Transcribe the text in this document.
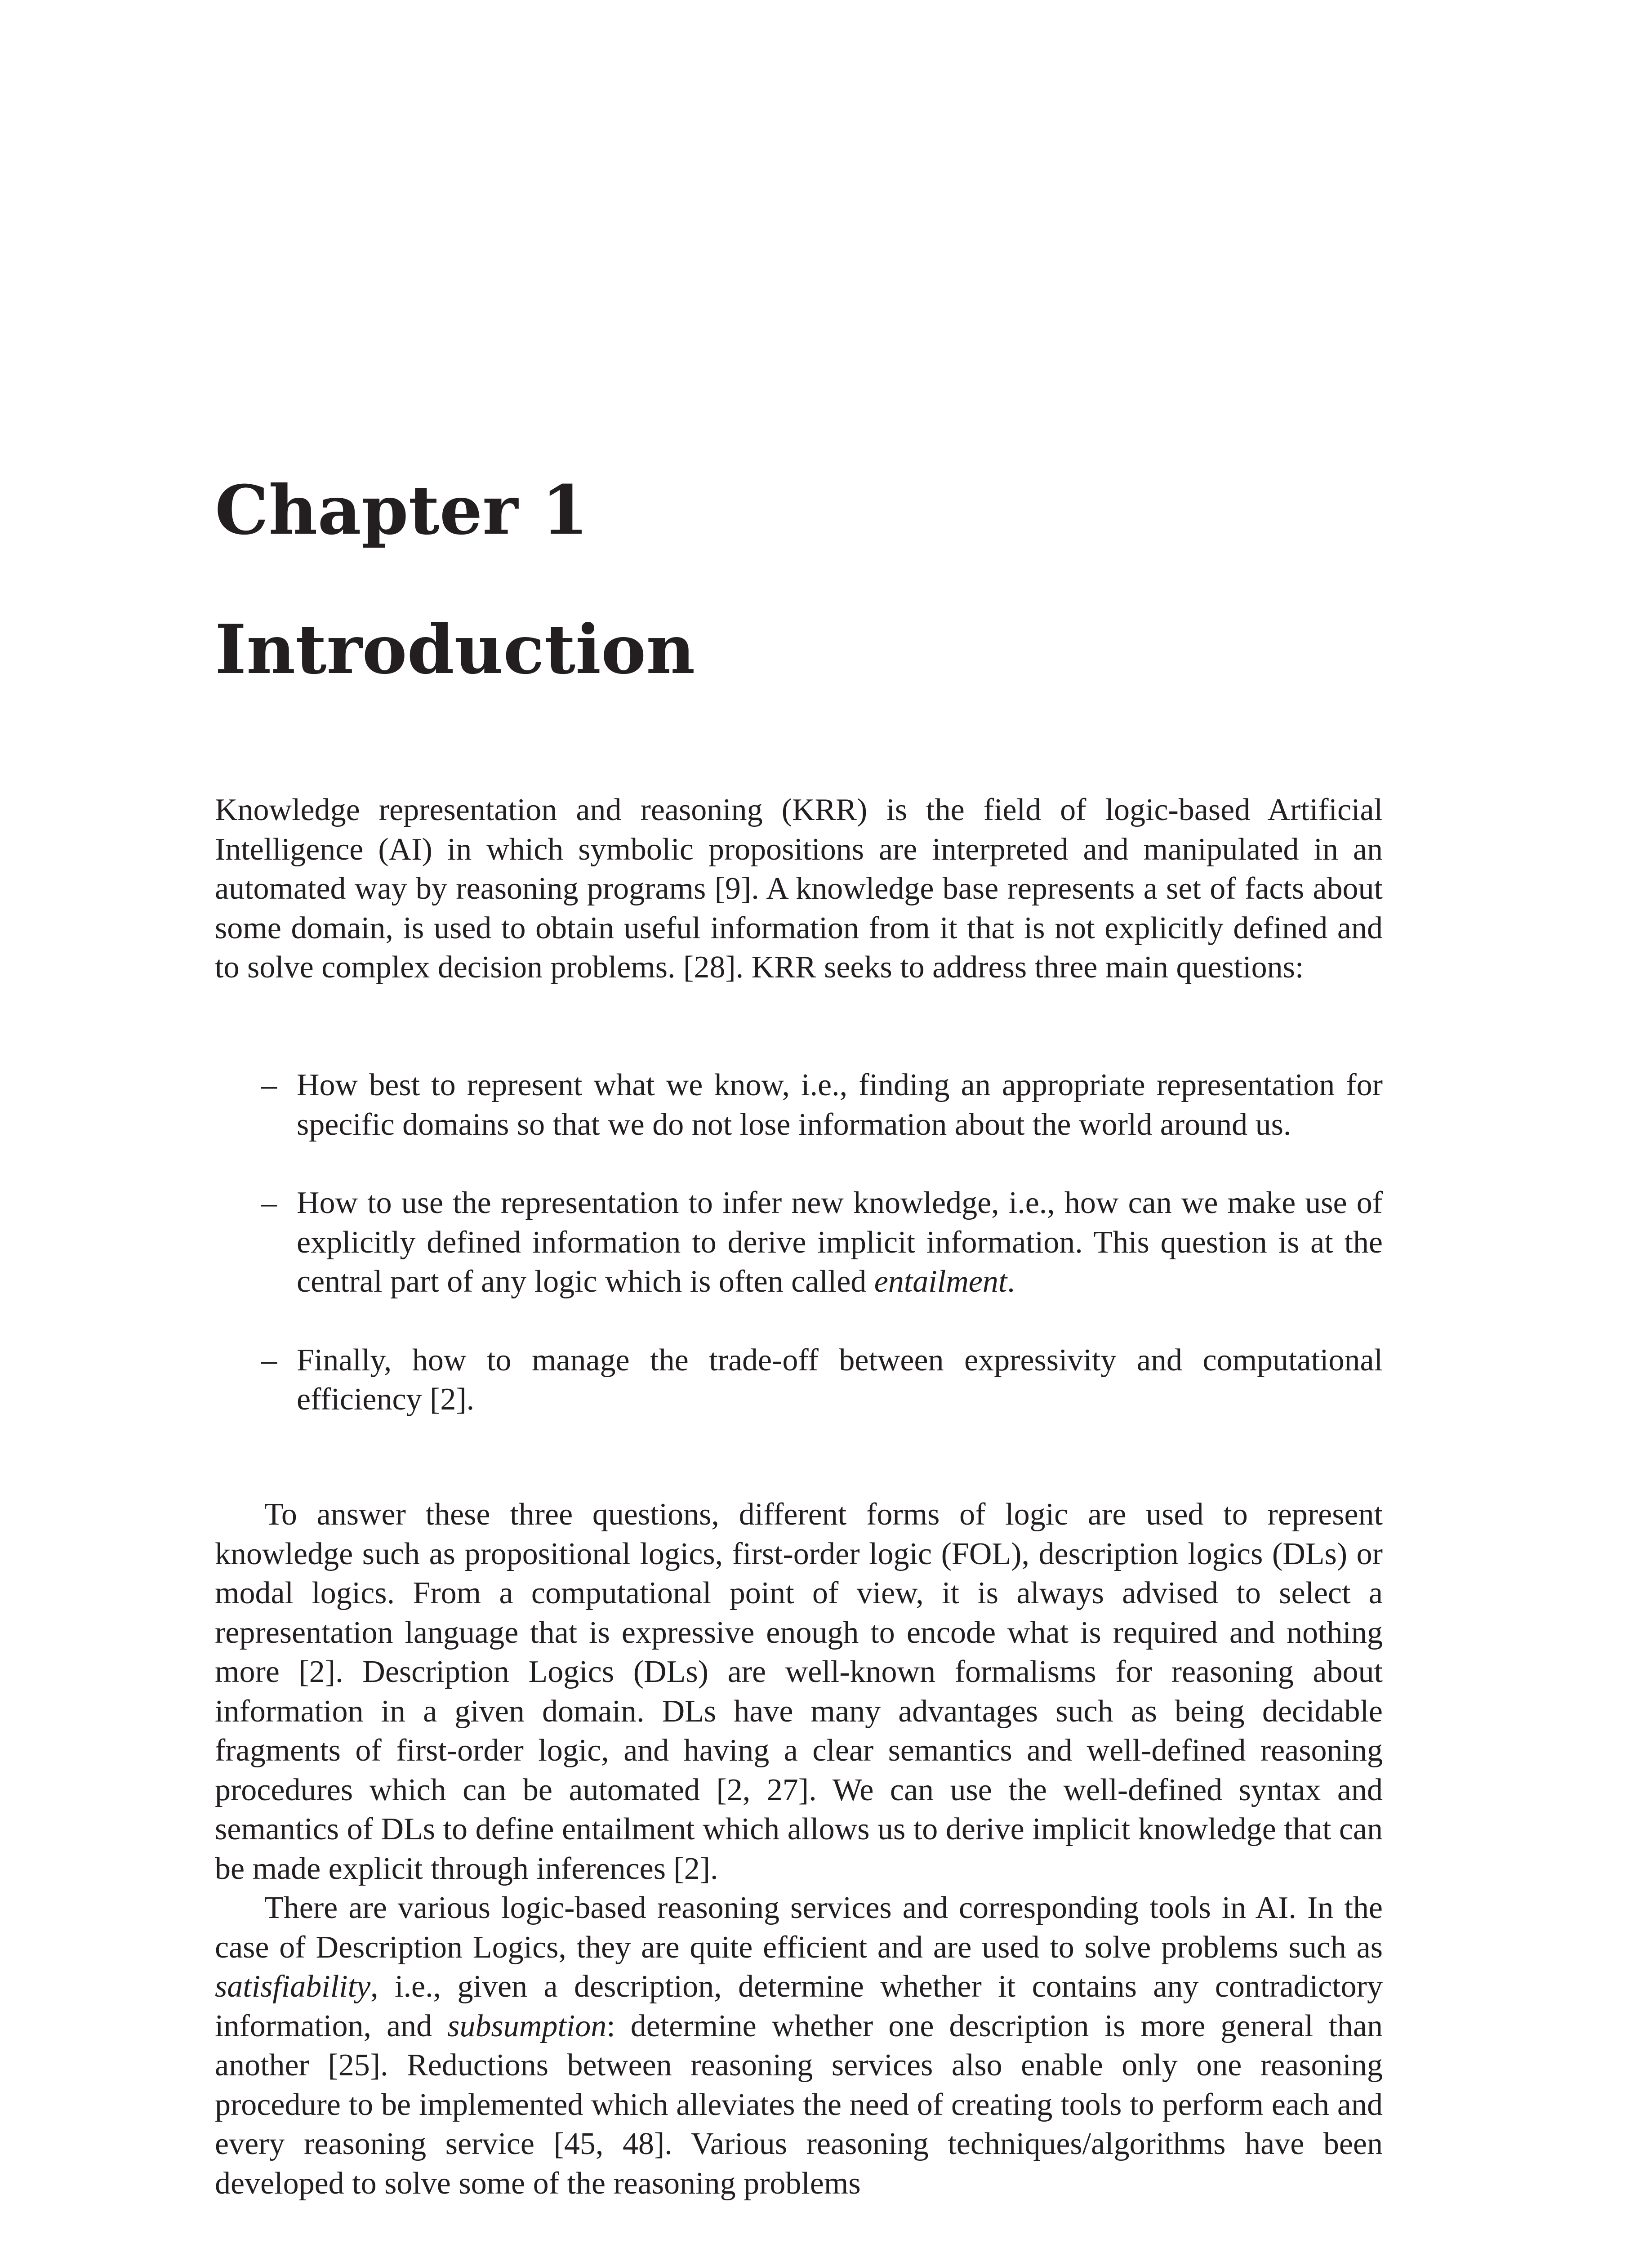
Chapter 1
Introduction

Knowledge representation and reasoning (KRR) is the field of logic-based Artificial Intelligence (AI) in which symbolic propositions are interpreted and manipulated in an automated way by reasoning programs [9]. A knowledge base represents a set of facts about some domain, is used to obtain useful information from it that is not explicitly defined and to solve complex decision problems. [28]. KRR seeks to address three main questions:

– How best to represent what we know, i.e., finding an appropriate representation for specific domains so that we do not lose information about the world around us.
– How to use the representation to infer new knowledge, i.e., how can we make use of explicitly defined information to derive implicit information. This question is at the central part of any logic which is often called entailment.
– Finally, how to manage the trade-off between expressivity and computational efficiency [2].

To answer these three questions, different forms of logic are used to represent knowledge such as propositional logics, first-order logic (FOL), description logics (DLs) or modal logics. From a computational point of view, it is always advised to select a representation language that is expressive enough to encode what is required and nothing more [2]. Description Logics (DLs) are well-known formalisms for reasoning about information in a given domain. DLs have many advantages such as being decidable fragments of first-order logic, and having a clear semantics and well-defined reasoning procedures which can be automated [2, 27]. We can use the well-defined syntax and semantics of DLs to define entailment which allows us to derive implicit knowledge that can be made explicit through inferences [2].

There are various logic-based reasoning services and corresponding tools in AI. In the case of Description Logics, they are quite efficient and are used to solve problems such as satisfiability, i.e., given a description, determine whether it contains any contradictory information, and subsumption: determine whether one description is more general than another [25]. Reductions between reasoning services also enable only one reasoning procedure to be implemented which alleviates the need of creating tools to perform each and every reasoning service [45, 48]. Various reasoning techniques/algorithms have been developed to solve some of the reasoning problems
